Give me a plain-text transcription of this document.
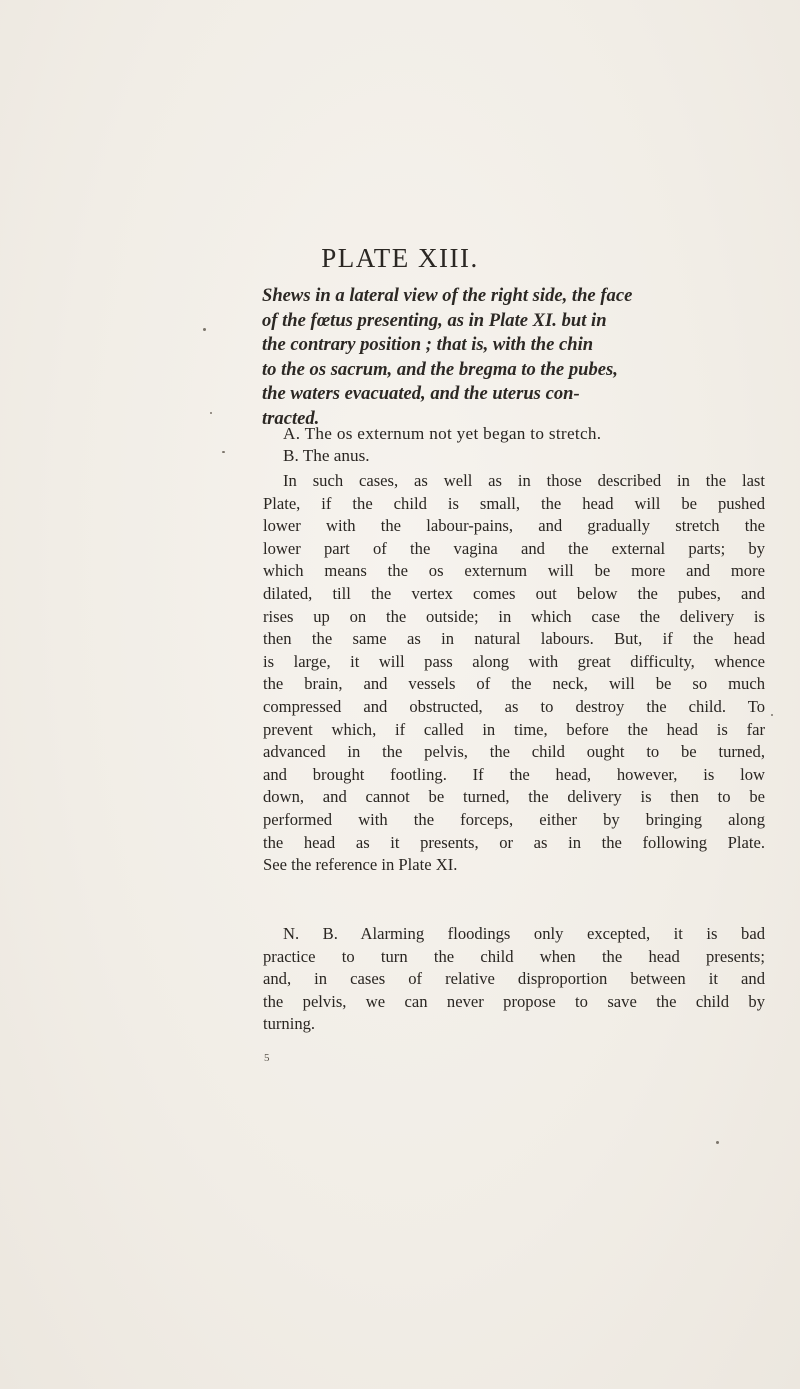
PLATE XIII.

Shews in a lateral view of the right side, the face
of the fœtus presenting, as in Plate XI. but in
the contrary position ; that is, with the chin
to the os sacrum, and the bregma to the pubes,
the waters evacuated, and the uterus con-
tracted.

A. The os externum not yet began to stretch.
B. The anus.

In such cases, as well as in those described in the last
Plate, if the child is small, the head will be pushed
lower with the labour-pains, and gradually stretch the
lower part of the vagina and the external parts; by
which means the os externum will be more and more
dilated, till the vertex comes out below the pubes, and
rises up on the outside; in which case the delivery is
then the same as in natural labours. But, if the head
is large, it will pass along with great difficulty, whence
the brain, and vessels of the neck, will be so much
compressed and obstructed, as to destroy the child. To
prevent which, if called in time, before the head is far
advanced in the pelvis, the child ought to be turned,
and brought footling. If the head, however, is low
down, and cannot be turned, the delivery is then to be
performed with the forceps, either by bringing along
the head as it presents, or as in the following Plate.
See the reference in Plate XI.

N. B. Alarming floodings only excepted, it is bad
practice to turn the child when the head presents;
and, in cases of relative disproportion between it and
the pelvis, we can never propose to save the child by
turning.

5
